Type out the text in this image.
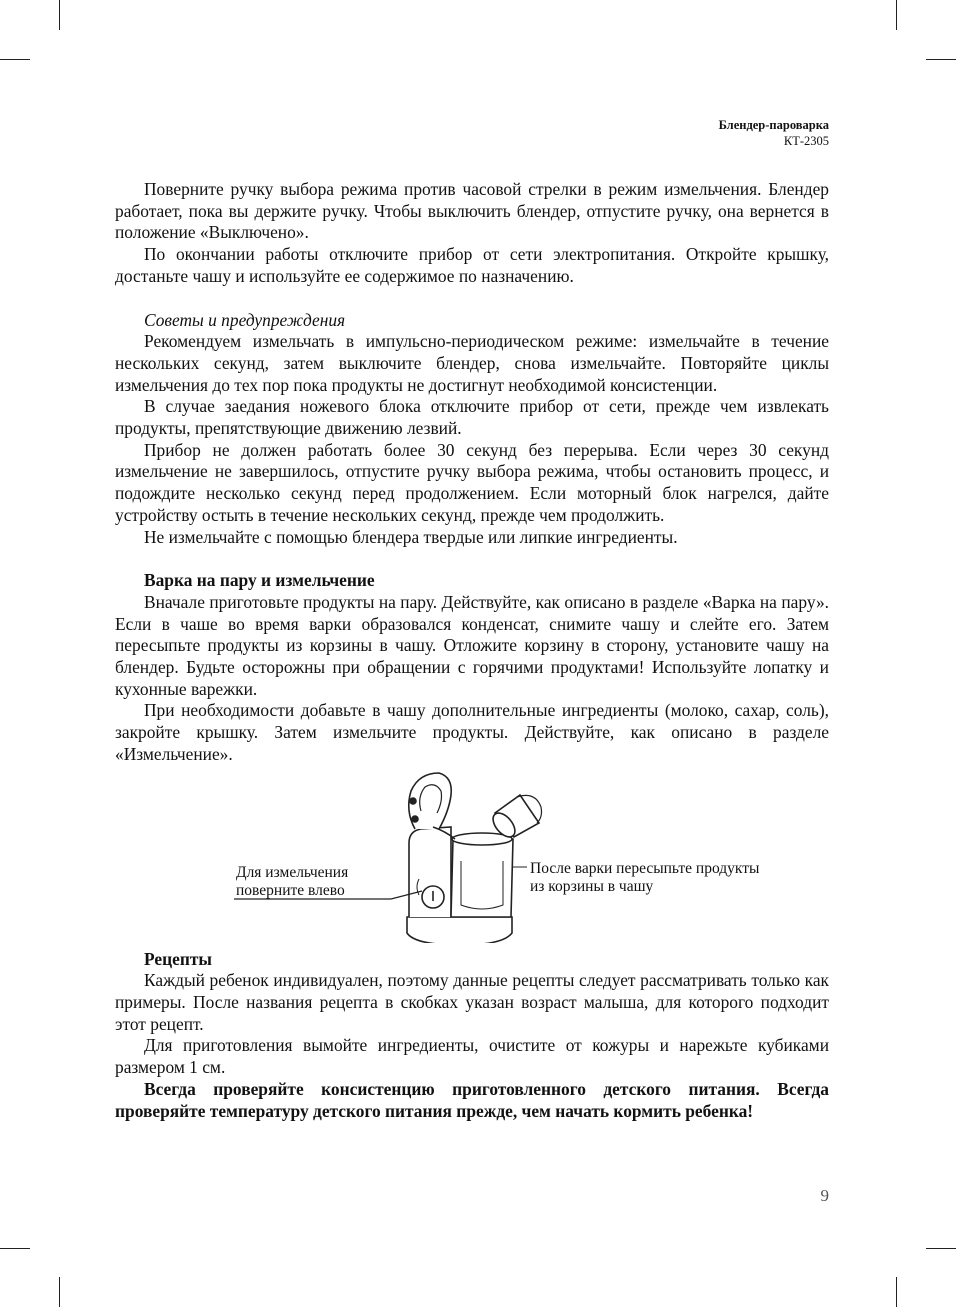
Блендер-пароварка
КТ-2305

Поверните ручку выбора режима против часовой стрелки в режим измельчения. Блендер работает, пока вы держите ручку. Чтобы выключить блендер, отпустите ручку, она вернется в положение «Выключено».

По окончании работы отключите прибор от сети электропитания. Откройте крышку, достаньте чашу и используйте ее содержимое по назначению.

Советы и предупреждения

Рекомендуем измельчать в импульсно-периодическом режиме: измельчайте в течение нескольких секунд, затем выключите блендер, снова измельчайте. Повторяйте циклы измельчения до тех пор пока продукты не достигнут необходимой консистенции.

В случае заедания ножевого блока отключите прибор от сети, прежде чем извлекать продукты, препятствующие движению лезвий.

Прибор не должен работать более 30 секунд без перерыва. Если через 30 секунд измельчение не завершилось, отпустите ручку выбора режима, чтобы остановить процесс, и подождите несколько секунд перед продолжением. Если моторный блок нагрелся, дайте устройству остыть в течение нескольких секунд, прежде чем продолжить.

Не измельчайте с помощью блендера твердые или липкие ингредиенты.

Варка на пару и измельчение

Вначале приготовьте продукты на пару. Действуйте, как описано в разделе «Варка на пару». Если в чаше во время варки образовался конденсат, снимите чашу и слейте его. Затем пересыпьте продукты из корзины в чашу. Отложите корзину в сторону, установите чашу на блендер. Будьте осторожны при обращении с горячими продуктами! Используйте лопатку и кухонные варежки.

При необходимости добавьте в чашу дополнительные ингредиенты (молоко, сахар, соль), закройте крышку. Затем измельчите продукты. Действуйте, как описано в разделе «Измельчение».

Для измельчения
поверните влево
После варки пересыпьте продукты
из корзины в чашу

Рецепты

Каждый ребенок индивидуален, поэтому данные рецепты следует рассматривать только как примеры. После названия рецепта в скобках указан возраст малыша, для которого подходит этот рецепт.

Для приготовления вымойте ингредиенты, очистите от кожуры и нарежьте кубиками размером 1 см.

Всегда проверяйте консистенцию приготовленного детского питания. Всегда проверяйте температуру детского питания прежде, чем начать кормить ребенка!

9
